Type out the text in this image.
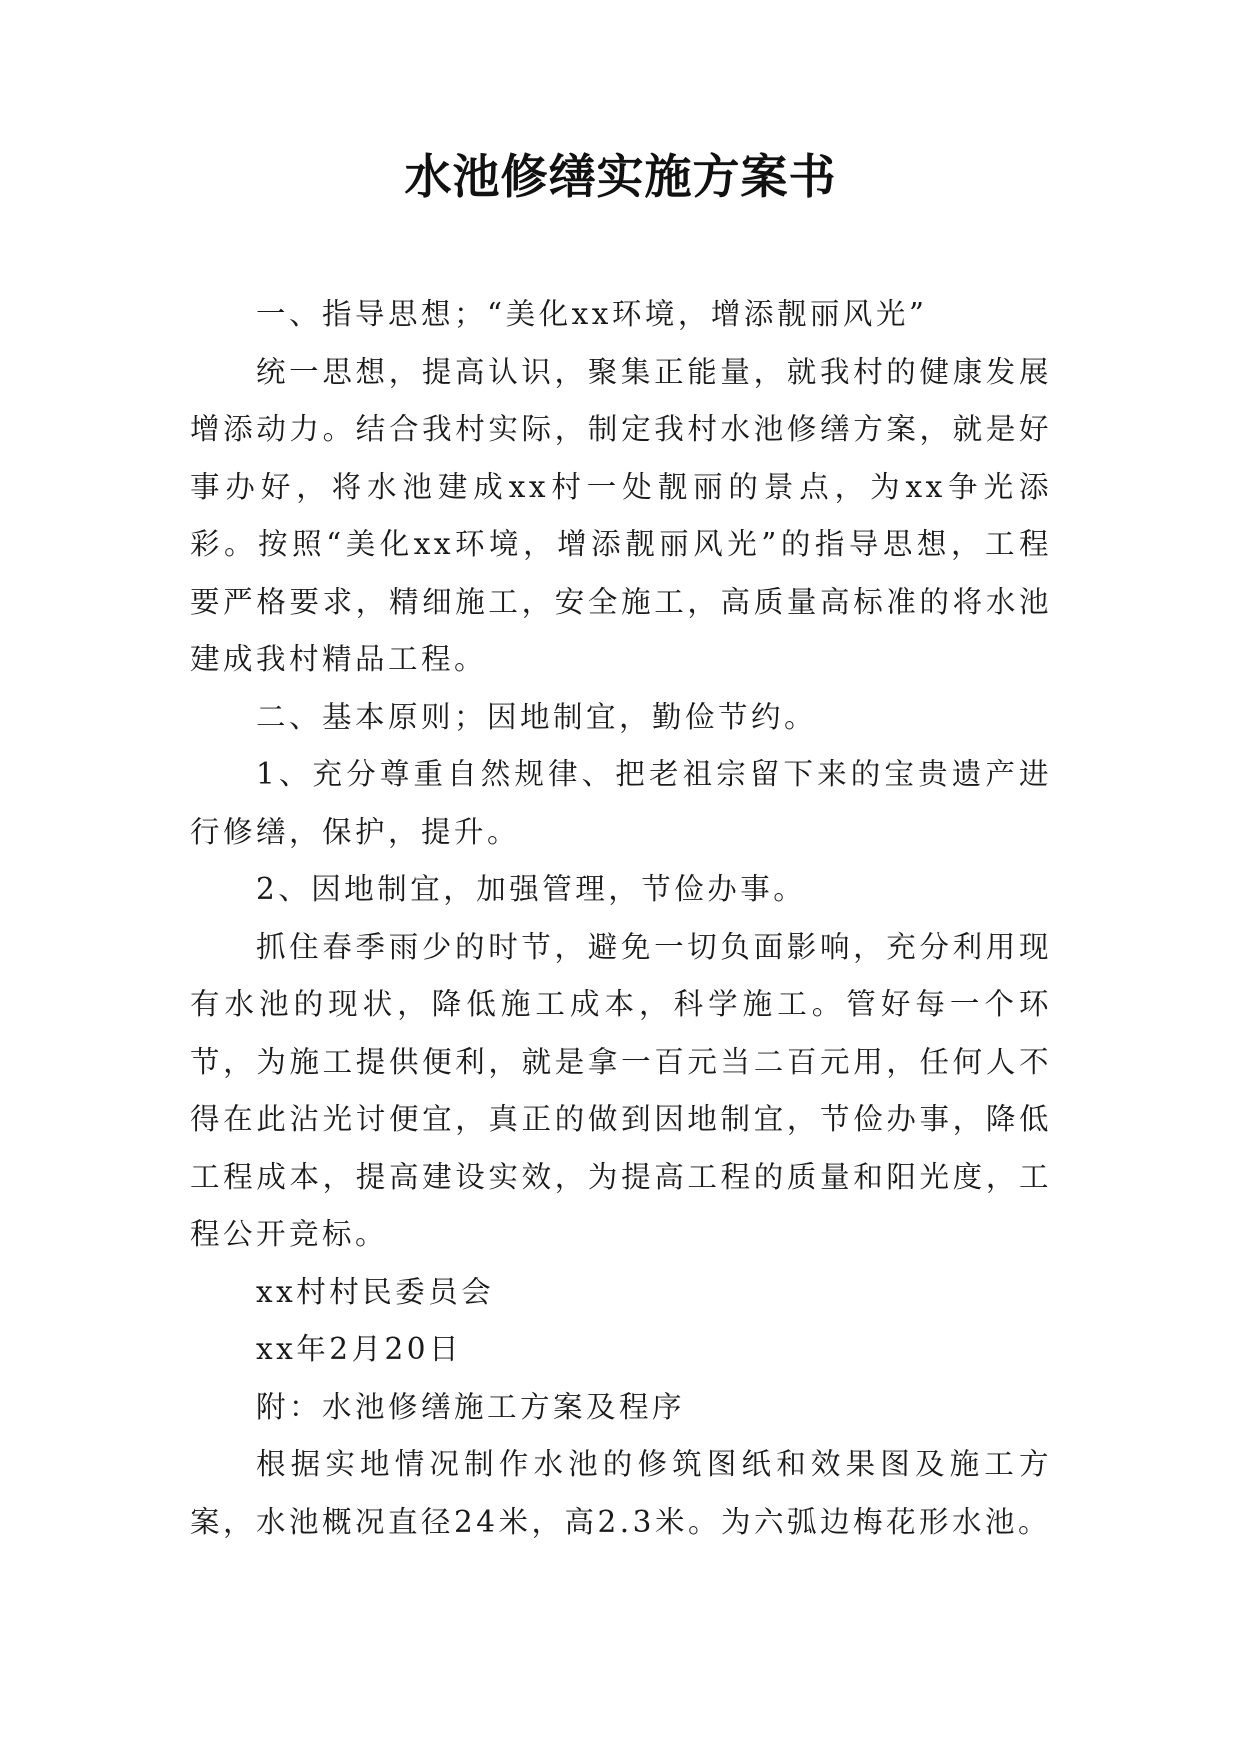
水池修缮实施方案书

一、指导思想；“美化xx环境，增添靓丽风光”

统一思想，提高认识，聚集正能量，就我村的健康发展增添动力。结合我村实际，制定我村水池修缮方案，就是好事办好，将水池建成xx村一处靓丽的景点，为xx争光添彩。按照“美化xx环境，增添靓丽风光”的指导思想，工程要严格要求，精细施工，安全施工，高质量高标准的将水池建成我村精品工程。

二、基本原则；因地制宜，勤俭节约。

1、充分尊重自然规律、把老祖宗留下来的宝贵遗产进行修缮，保护，提升。

2、因地制宜，加强管理，节俭办事。

抓住春季雨少的时节，避免一切负面影响，充分利用现有水池的现状，降低施工成本，科学施工。管好每一个环节，为施工提供便利，就是拿一百元当二百元用，任何人不得在此沾光讨便宜，真正的做到因地制宜，节俭办事，降低工程成本，提高建设实效，为提高工程的质量和阳光度，工程公开竞标。

xx村村民委员会

xx年2月20日

附：水池修缮施工方案及程序

根据实地情况制作水池的修筑图纸和效果图及施工方案，水池概况直径24米，高2.3米。为六弧边梅花形水池。
